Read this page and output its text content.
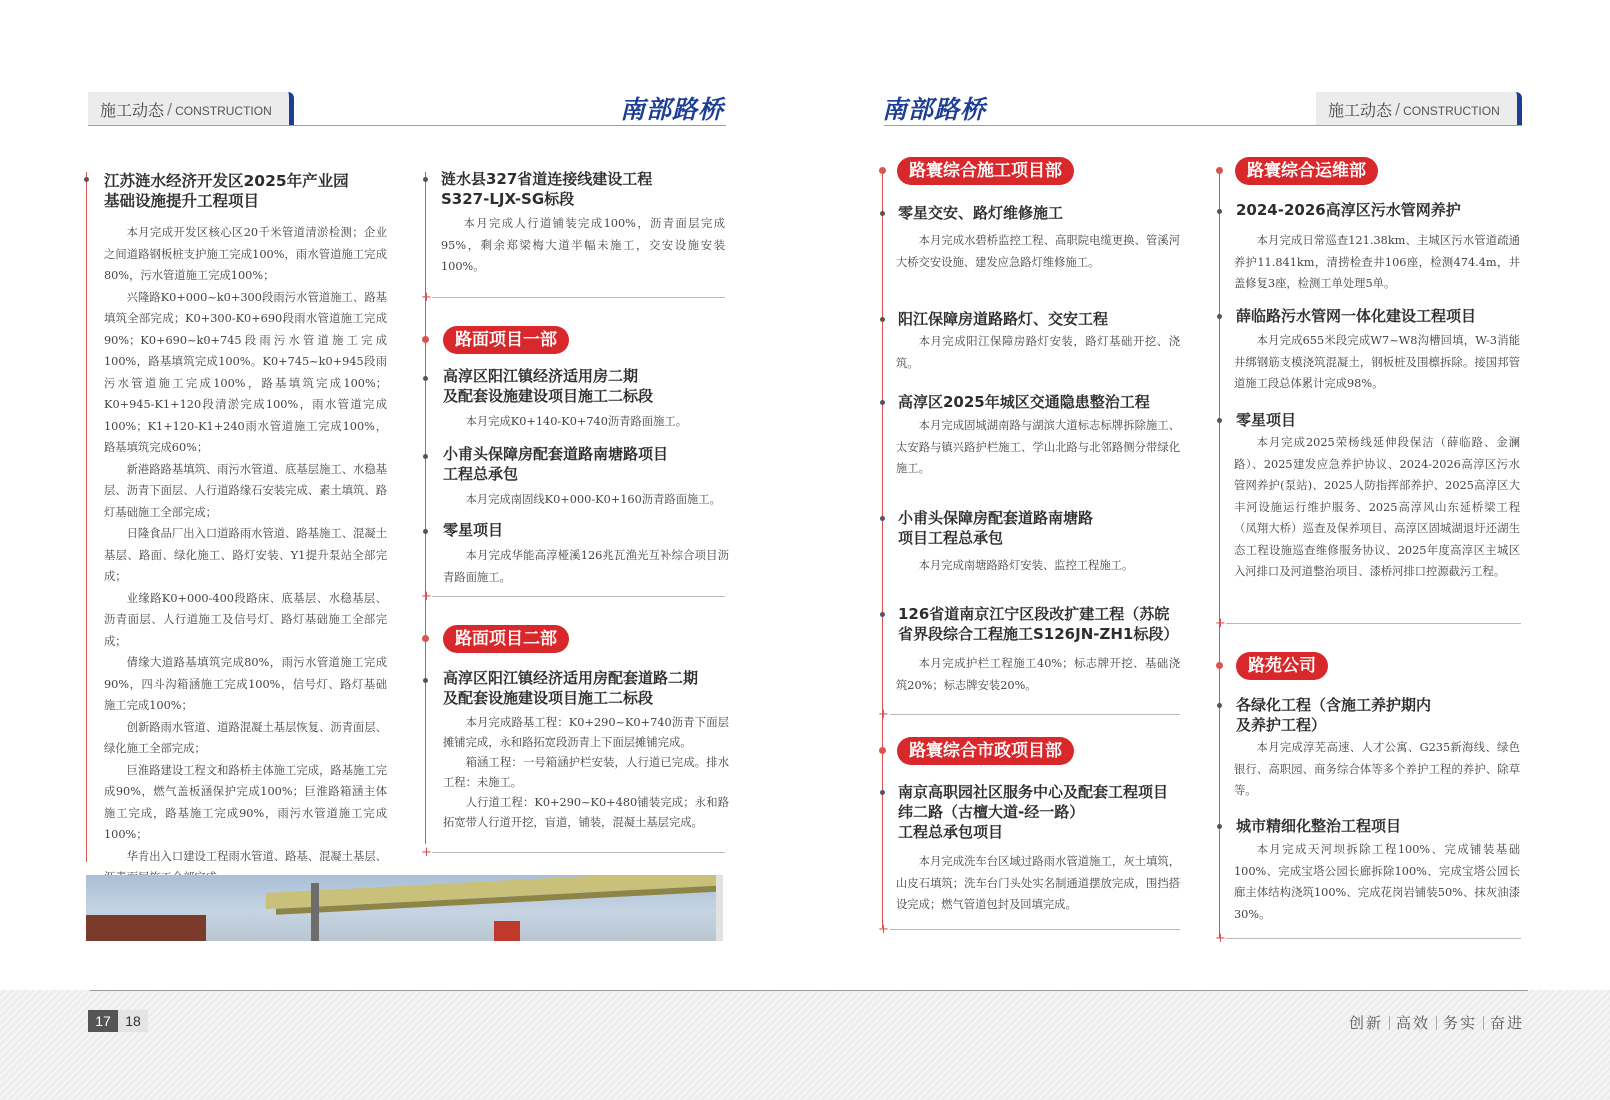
施工动态 / CONSTRUCTION	南部路桥	南部路桥	施工动态 / CONSTRUCTION
江苏涟水经济开发区2025年产业园
基础设施提升工程项目

本月完成开发区核心区20千米管道清淤检测；企业之间道路钢板桩支护施工完成100%，雨水管道施工完成80%，污水管道施工完成100%；

兴隆路K0+000~k0+300段雨污水管道施工、路基填筑全部完成；K0+300-K0+690段雨水管道施工完成90%；K0+690~k0+745段雨污水管道施工完成100%，路基填筑完成100%。K0+745~k0+945段雨污水管道施工完成100%，路基填筑完成100%；K0+945-K1+120段清淤完成100%，雨水管道完成100%；K1+120-K1+240雨水管道施工完成100%，路基填筑完成60%；

新港路路基填筑、雨污水管道、底基层施工、水稳基层、沥青下面层、人行道路缘石安装完成、素土填筑、路灯基础施工全部完成；

日隆食品厂出入口道路雨水管道、路基施工、混凝土基层、路面、绿化施工、路灯安装、Y1提升泵站全部完成；

业缘路K0+000-400段路床、底基层、水稳基层、沥青面层、人行道施工及信号灯、路灯基础施工全部完成；

倩缘大道路基填筑完成80%，雨污水管道施工完成90%，四斗沟箱涵施工完成100%，信号灯、路灯基础施工完成100%；

创新路雨水管道、道路混凝土基层恢复、沥青面层、绿化施工全部完成；

巨淮路建设工程文和路桥主体施工完成，路基施工完成90%，燃气盖板涵保护完成100%；巨淮路箱涵主体施工完成，路基施工完成90%，雨污水管道施工完成100%；

华肯出入口建设工程雨水管道、路基、混凝土基层、

涟水县327省道连接线建设工程
S327-LJX-SG标段

本月完成人行道铺装完成100%，沥青面层完成95%，剩余郑梁梅大道半幅未施工，交安设施安装100%。

+
路面项目一部
高淳区阳江镇经济适用房二期
及配套设施建设项目施工二标段

本月完成K0+140-K0+740沥青路面施工。

小甫头保障房配套道路南塘路项目
工程总承包

本月完成南固线K0+000-K0+160沥青路面施工。

零星项目

本月完成华能高淳桠溪126兆瓦渔光互补综合项目沥青路面施工。

+
路面项目二部
高淳区阳江镇经济适用房配套道路二期
及配套设施建设项目施工二标段

本月完成路基工程：K0+290~K0+740沥青下面层摊铺完成，永和路拓宽段沥青上下面层摊铺完成。

箱涵工程：一号箱涵护栏安装，人行道已完成。排水工程：未施工。

人行道工程：K0+290~K0+480铺装完成；永和路拓宽带人行道开挖，盲道，铺装，混凝土基层完成。

+
路寰综合施工项目部
零星交安、路灯维修施工

本月完成水碧桥监控工程、高职院电缆更换、管溪河大桥交安设施、建发应急路灯维修施工。

阳江保障房道路路灯、交安工程

本月完成阳江保障房路灯安装，路灯基础开挖、浇筑。

高淳区2025年城区交通隐患整治工程

本月完成固城湖南路与湖滨大道标志标牌拆除施工、太安路与镇兴路护栏施工、学山北路与北邻路侧分带绿化施工。

小甫头保障房配套道路南塘路
项目工程总承包

本月完成南塘路路灯安装、监控工程施工。

126省道南京江宁区段改扩建工程（苏皖
省界段综合工程施工S126JN-ZH1标段）

本月完成护栏工程施工40%；标志牌开挖、基础浇筑20%；标志牌安装20%。

+
路寰综合市政项目部
南京高职园社区服务中心及配套工程项目
纬二路（古檀大道-经一路）
工程总承包项目

本月完成洗车台区域过路雨水管道施工，灰土填筑，山皮石填筑；洗车台门头处实名制通道摆放完成，围挡搭设完成；燃气管道包封及回填完成。

+
路寰综合运维部
2024-2026高淳区污水管网养护

本月完成日常巡查121.38km、主城区污水管道疏通养护11.841km，清捞检查井106座，检测474.4m，井盖修复3座，检测工单处理5单。

薛临路污水管网一体化建设工程项目

本月完成655米段完成W7~W8沟槽回填，W-3消能井绑钢筋支模浇筑混凝土，钢板桩及围檩拆除。接国邦管道施工段总体累计完成98%。

零星项目

本月完成2025荣杨线延伸段保洁（薛临路、金澜路）、2025建发应急养护协议、2024-2026高淳区污水管网养护(泵站)、2025人防指挥部养护、2025高淳区大丰河设施运行维护服务、2025高淳风山东延桥梁工程（凤翔大桥）巡查及保养项目、高淳区固城湖退圩还湖生态工程设施巡查维修服务协议、2025年度高淳区主城区入河排口及河道整治项目、漆桥河排口控源截污工程。

+
路苑公司
各绿化工程（含施工养护期内
及养护工程）

本月完成淳芜高速、人才公寓、G235新海线、绿色银行、高职园、商务综合体等多个养护工程的养护、除草等。

城市精细化整治工程项目

本月完成天河坝拆除工程100%、完成铺装基础100%、完成宝塔公园长廊拆除100%、完成宝塔公园长廊主体结构浇筑100%、完成花岗岩铺装50%、抹灰油漆30%。

+
17	18	创新 高效 务实 奋进
